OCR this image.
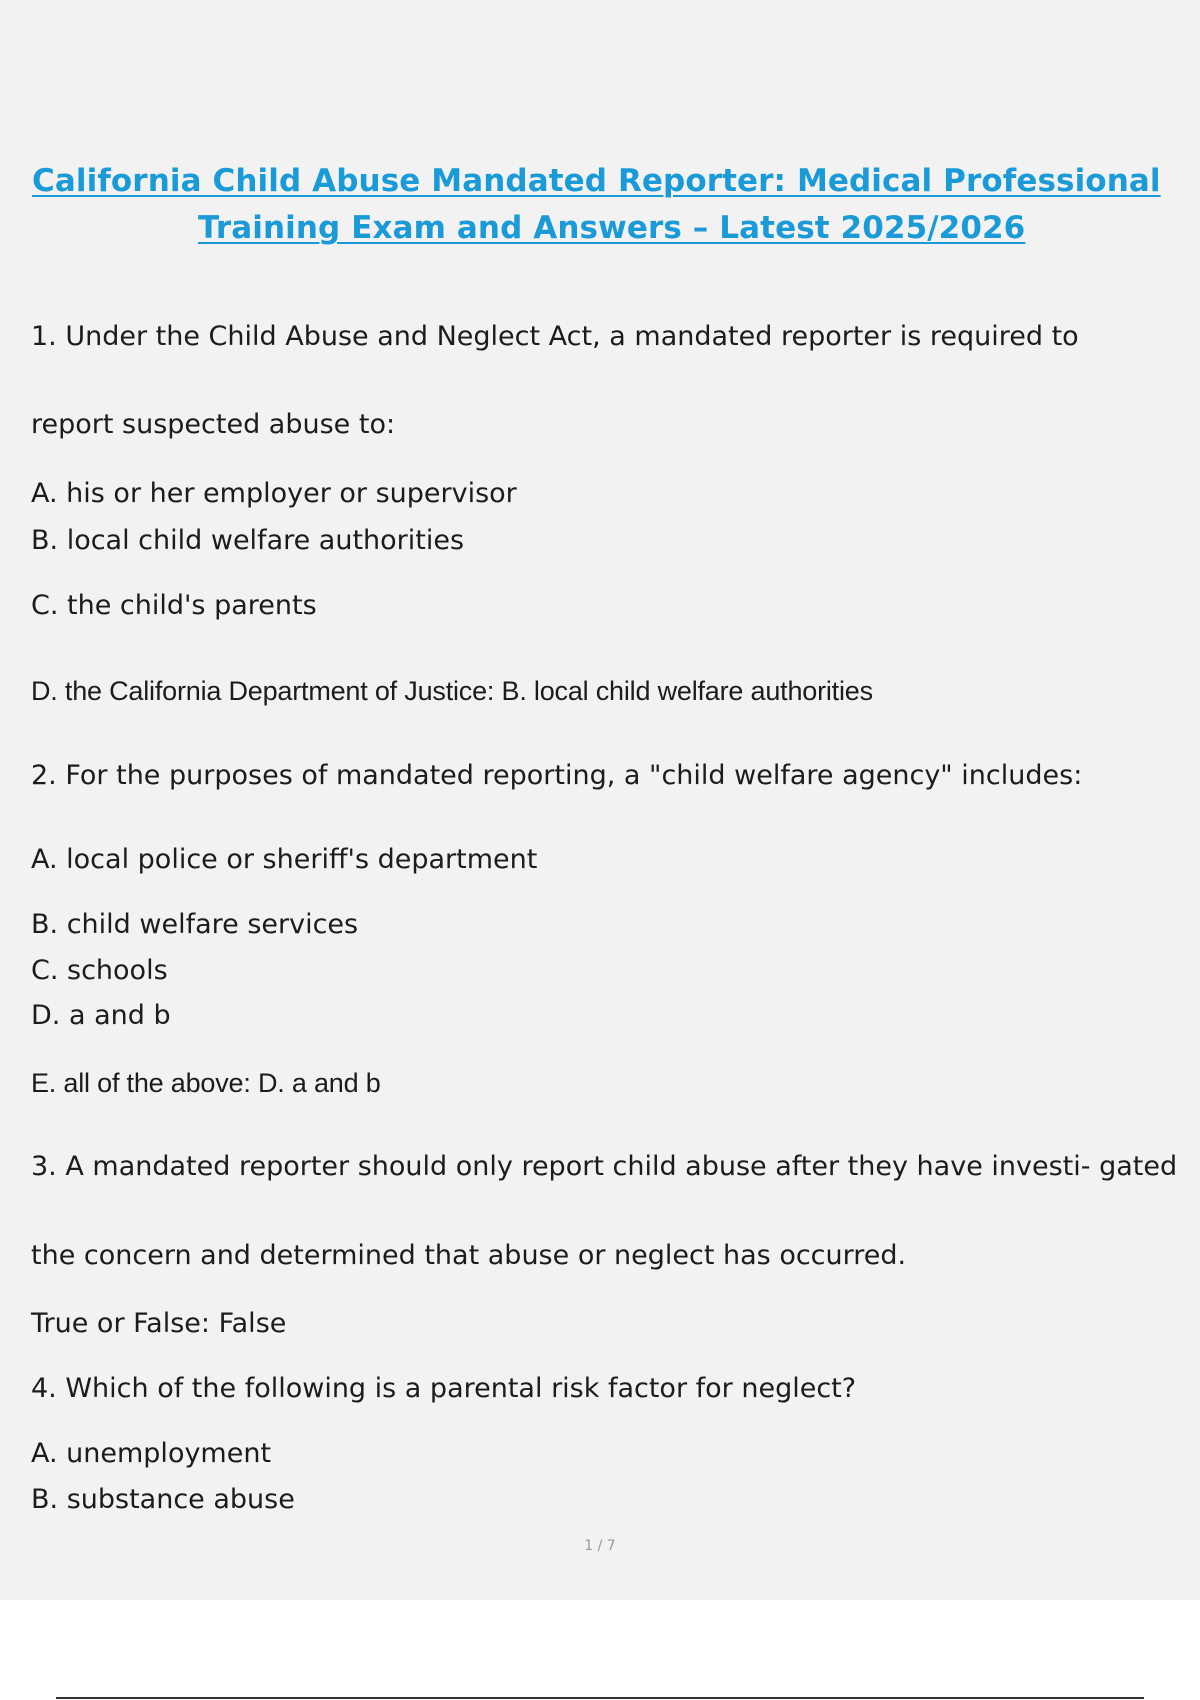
California Child Abuse Mandated Reporter: Medical Professional
Training Exam and Answers – Latest 2025/2026
1. Under the Child Abuse and Neglect Act, a mandated reporter is required to
report suspected abuse to:
A. his or her employer or supervisor
B. local child welfare authorities
C. the child's parents
D. the California Department of Justice: B. local child welfare authorities
2. For the purposes of mandated reporting, a "child welfare agency" includes:
A. local police or sheriff's department
B. child welfare services
C. schools
D. a and b
E. all of the above: D. a and b
3. A mandated reporter should only report child abuse after they have investi- gated
the concern and determined that abuse or neglect has occurred.
True or False: False
4. Which of the following is a parental risk factor for neglect?
A. unemployment
B. substance abuse
1 / 7
